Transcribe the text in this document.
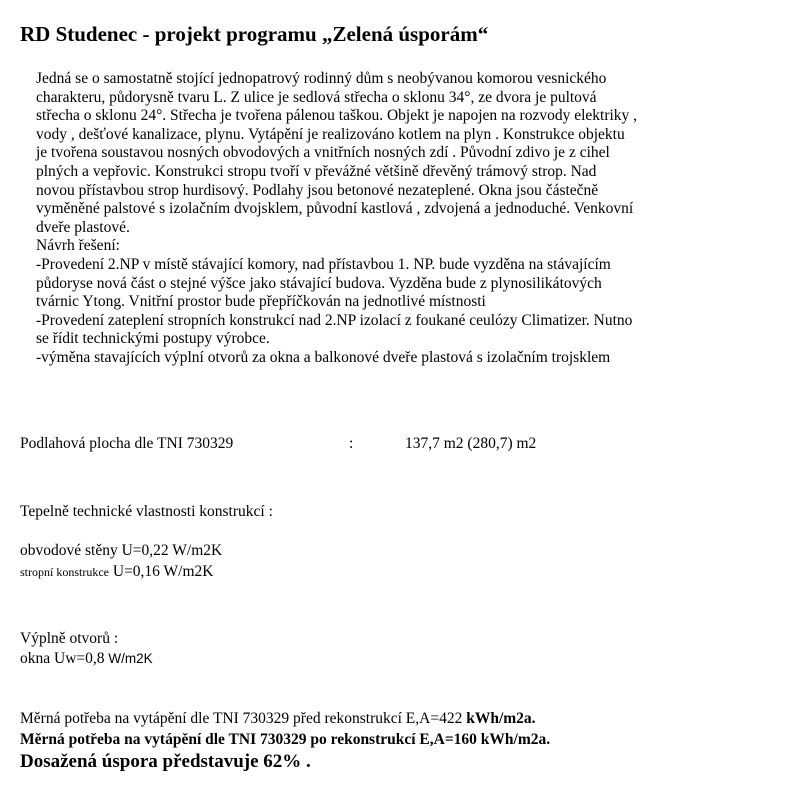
RD Studenec - projekt programu „Zelená úsporám“
Jedná se o samostatně stojící jednopatrový rodinný dům s neobývanou komorou vesnického
charakteru, půdorysně tvaru L. Z ulice je sedlová střecha o sklonu 34°, ze dvora je pultová
střecha o sklonu 24°. Střecha je tvořena pálenou taškou. Objekt je napojen na rozvody elektriky ,
vody , dešťové kanalizace, plynu. Vytápění je realizováno kotlem na plyn . Konstrukce objektu
je tvořena soustavou nosných obvodových a vnitřních nosných zdí . Původní zdivo je z cihel
plných a vepřovic. Konstrukci stropu tvoří v převážné většině dřevěný trámový strop. Nad
novou přístavbou strop hurdisový. Podlahy jsou betonové nezateplené. Okna jsou částečně
vyměněné palstové s izolačním dvojsklem, původní kastlová , zdvojená a jednoduché. Venkovní
dveře plastové.
Návrh řešení:
-Provedení 2.NP v místě stávající komory, nad přístavbou 1. NP. bude vyzděna na stávajícím
půdoryse nová část o stejné výšce jako stávající budova. Vyzděna bude z plynosilikátových
tvárnic Ytong. Vnitřní prostor bude přepříčkován na jednotlivé místnosti
-Provedení zateplení stropních konstrukcí nad 2.NP izolací z foukané ceulózy Climatizer. Nutno
se řídit technickými postupy výrobce.
-výměna stavajících výplní otvorů za okna a balkonové dveře plastová s izolačním trojsklem
Podlahová plocha dle TNI 730329	:	137,7 m2 (280,7) m2
Tepelně technické vlastnosti konstrukcí :
obvodové stěny U=0,22 W/m2K
stropní konstrukce U=0,16 W/m2K
Výplně otvorů :
okna Uw=0,8 W/m2K
Měrná potřeba na vytápění dle TNI 730329 před rekonstrukcí E,A=422 kWh/m2a.
Měrná potřeba na vytápění dle TNI 730329 po rekonstrukcí E,A=160 kWh/m2a.
Dosažená úspora představuje 62% .
